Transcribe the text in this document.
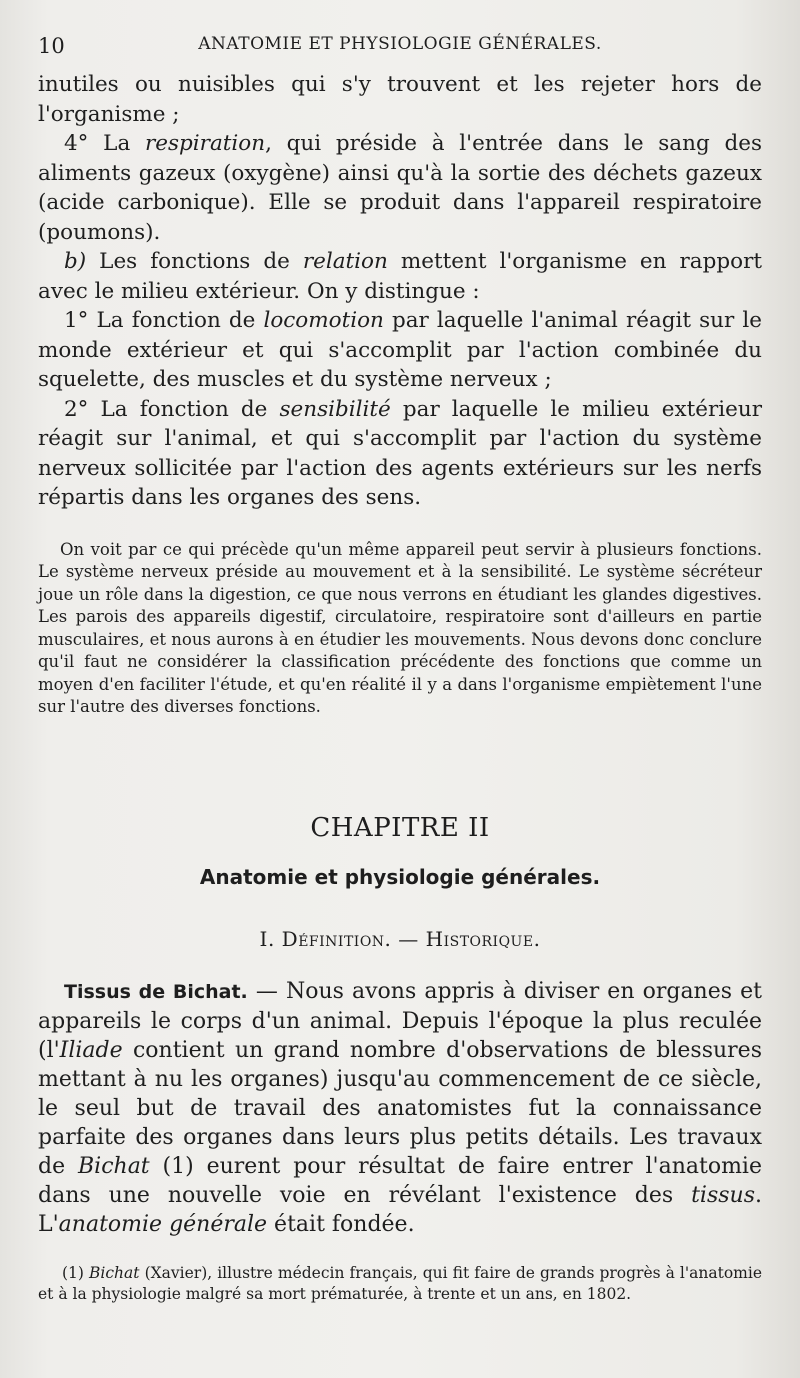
10	ANATOMIE ET PHYSIOLOGIE GÉNÉRALES.

inutiles ou nuisibles qui s'y trouvent et les rejeter hors de l'organisme ;

4° La respiration, qui préside à l'entrée dans le sang des aliments gazeux (oxygène) ainsi qu'à la sortie des déchets gazeux (acide carbonique). Elle se produit dans l'appareil respiratoire (poumons).

b) Les fonctions de relation mettent l'organisme en rapport avec le milieu extérieur. On y distingue :

1° La fonction de locomotion par laquelle l'animal réagit sur le monde extérieur et qui s'accomplit par l'action combinée du squelette, des muscles et du système nerveux ;

2° La fonction de sensibilité par laquelle le milieu extérieur réagit sur l'animal, et qui s'accomplit par l'action du système nerveux sollicitée par l'action des agents extérieurs sur les nerfs répartis dans les organes des sens.

On voit par ce qui précède qu'un même appareil peut servir à plusieurs fonctions. Le système nerveux préside au mouvement et à la sensibilité. Le système sécréteur joue un rôle dans la digestion, ce que nous verrons en étudiant les glandes digestives. Les parois des appareils digestif, circulatoire, respiratoire sont d'ailleurs en partie musculaires, et nous aurons à en étudier les mouvements. Nous devons donc conclure qu'il faut ne considérer la classification précédente des fonctions que comme un moyen d'en faciliter l'étude, et qu'en réalité il y a dans l'organisme empiètement l'une sur l'autre des diverses fonctions.

CHAPITRE II
Anatomie et physiologie générales.
I. Définition. — Historique.

Tissus de Bichat. — Nous avons appris à diviser en organes et appareils le corps d'un animal. Depuis l'époque la plus reculée (l'Iliade contient un grand nombre d'observations de blessures mettant à nu les organes) jusqu'au commencement de ce siècle, le seul but de travail des anatomistes fut la connaissance parfaite des organes dans leurs plus petits détails. Les travaux de Bichat (1) eurent pour résultat de faire entrer l'anatomie dans une nouvelle voie en révélant l'existence des tissus. L'anatomie générale était fondée.

(1) Bichat (Xavier), illustre médecin français, qui fit faire de grands progrès à l'anatomie et à la physiologie malgré sa mort prématurée, à trente et un ans, en 1802.
